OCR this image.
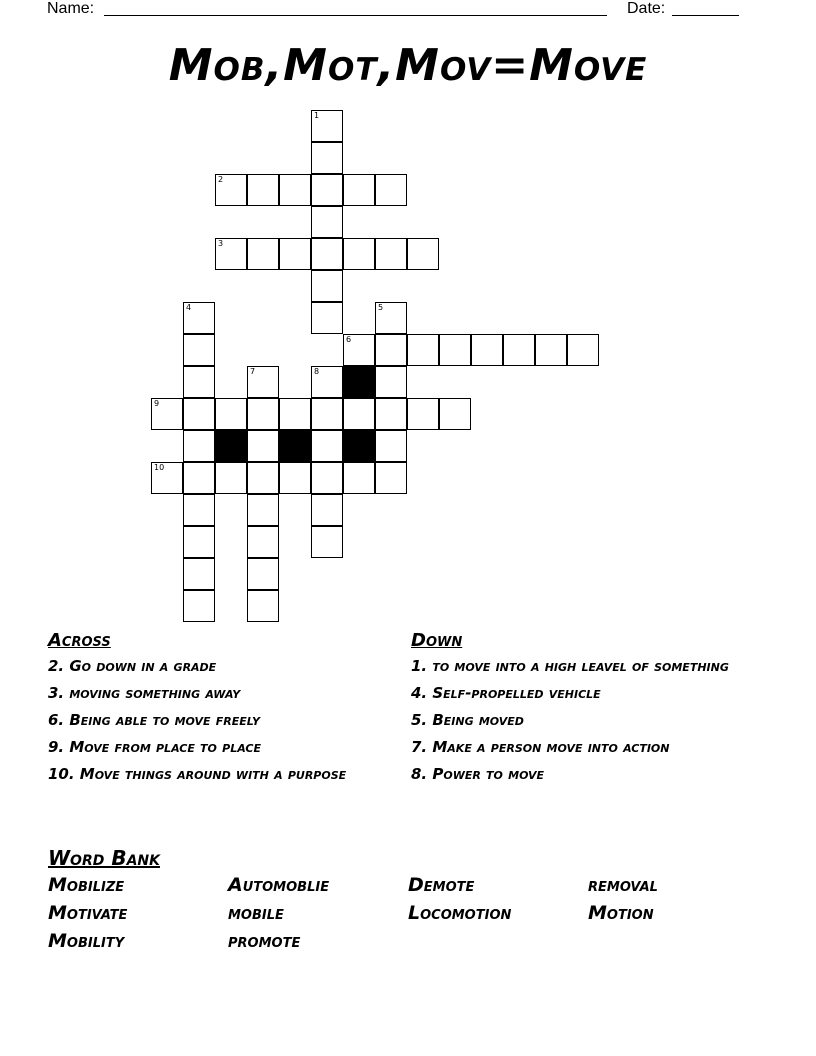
Name:	Date:
Mob,Mot,Mov=Move
1
2
3
4	5
6
7	8
9
10
Across
2. Go down in a grade
3. moving something away
6. Being able to move freely
9. Move from place to place
10. Move things around with a purpose
Down
1. to move into a high leavel of something
4. Self-propelled vehicle
5. Being moved
7. Make a person move into action
8. Power to move
Word Bank
Mobilize	Automoblie	Demote	removal
Motivate	mobile	Locomotion	Motion
Mobility	promote
